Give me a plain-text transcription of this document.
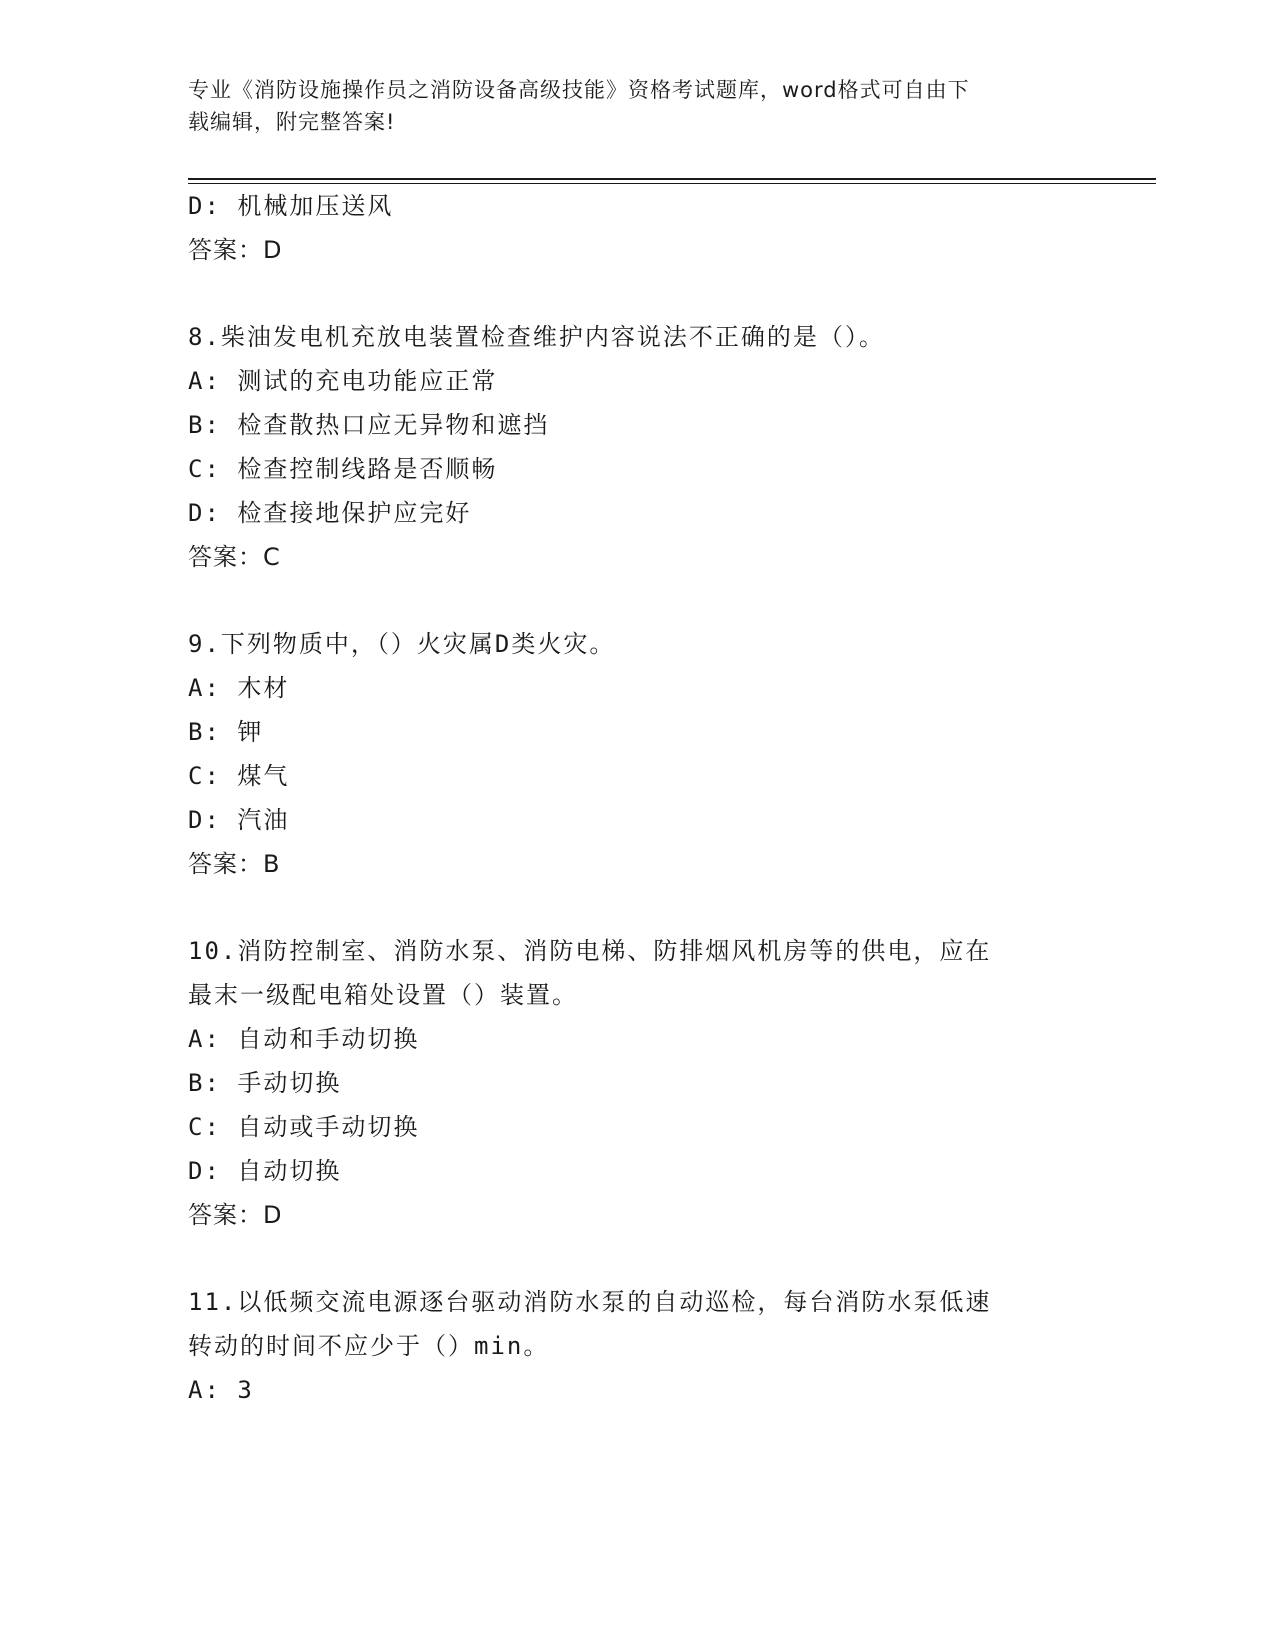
专业《消防设施操作员之消防设备高级技能》资格考试题库，word格式可自由下
载编辑，附完整答案!
D: 机械加压送风
答案：D
8.柴油发电机充放电装置检查维护内容说法不正确的是（）。
A: 测试的充电功能应正常
B: 检查散热口应无异物和遮挡
C: 检查控制线路是否顺畅
D: 检查接地保护应完好
答案：C
9.下列物质中，（）火灾属D类火灾。
A: 木材
B: 钾
C: 煤气
D: 汽油
答案：B
10.消防控制室、消防水泵、消防电梯、防排烟风机房等的供电，应在
最末一级配电箱处设置（）装置。
A: 自动和手动切换
B: 手动切换
C: 自动或手动切换
D: 自动切换
答案：D
11.以低频交流电源逐台驱动消防水泵的自动巡检，每台消防水泵低速
转动的时间不应少于（）min。
A: 3
